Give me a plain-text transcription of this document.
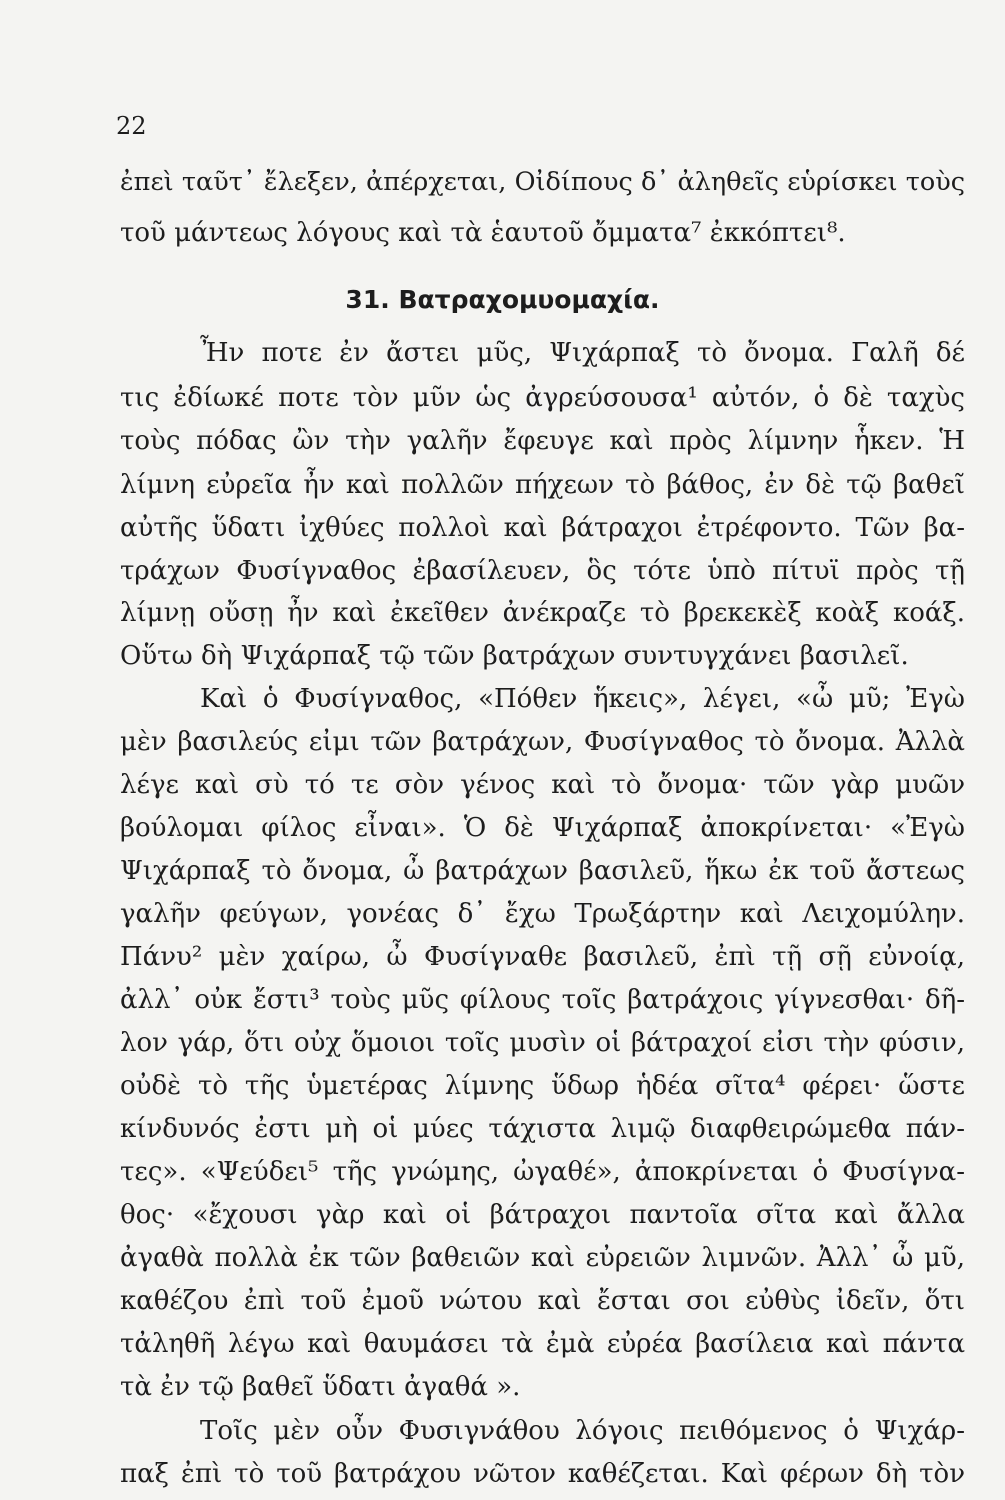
22
ἐπεὶ ταῦτ᾽ ἔλεξεν, ἀπέρχεται, Οἰδίπους δ᾽ ἀληθεῖς εὑρίσκει τοὺς
τοῦ μάντεως λόγους καὶ τὰ ἑαυτοῦ ὄμματα⁷ ἐκκόπτει⁸.
31. Βατραχομυομαχία.
Ἦν ποτε ἐν ἄστει μῦς, Ψιχάρπαξ τὸ ὄνομα. Γαλῆ δέ
τις ἐδίωκέ ποτε τὸν μῦν ὡς ἀγρεύσουσα¹ αὐτόν, ὁ δὲ ταχὺς
τοὺς πόδας ὢν τὴν γαλῆν ἔφευγε καὶ πρὸς λίμνην ἧκεν. Ἡ
λίμνη εὐρεῖα ἦν καὶ πολλῶν πήχεων τὸ βάθος, ἐν δὲ τῷ βαθεῖ
αὐτῆς ὕδατι ἰχθύες πολλοὶ καὶ βάτραχοι ἐτρέφοντο. Τῶν βα-
τράχων Φυσίγναθος ἐβασίλευεν, ὃς τότε ὑπὸ πίτυϊ πρὸς τῇ
λίμνῃ οὔσῃ ἦν καὶ ἐκεῖθεν ἀνέκραζε τὸ βρεκεκὲξ κοὰξ κοάξ.
Οὕτω δὴ Ψιχάρπαξ τῷ τῶν βατράχων συντυγχάνει βασιλεῖ.
Καὶ ὁ Φυσίγναθος, «Πόθεν ἥκεις», λέγει, «ὦ μῦ; Ἐγὼ
μὲν βασιλεύς εἰμι τῶν βατράχων, Φυσίγναθος τὸ ὄνομα. Ἀλλὰ
λέγε καὶ σὺ τό τε σὸν γένος καὶ τὸ ὄνομα· τῶν γὰρ μυῶν
βούλομαι φίλος εἶναι». Ὁ δὲ Ψιχάρπαξ ἀποκρίνεται· «Ἐγὼ
Ψιχάρπαξ τὸ ὄνομα, ὦ βατράχων βασιλεῦ, ἥκω ἐκ τοῦ ἄστεως
γαλῆν φεύγων, γονέας δ᾽ ἔχω Τρωξάρτην καὶ Λειχομύλην.
Πάνυ² μὲν χαίρω, ὦ Φυσίγναθε βασιλεῦ, ἐπὶ τῇ σῇ εὐνοίᾳ,
ἀλλ᾽ οὐκ ἔστι³ τοὺς μῦς φίλους τοῖς βατράχοις γίγνεσθαι· δῆ-
λον γάρ, ὅτι οὐχ ὅμοιοι τοῖς μυσὶν οἱ βάτραχοί εἰσι τὴν φύσιν,
οὐδὲ τὸ τῆς ὑμετέρας λίμνης ὕδωρ ἡδέα σῖτα⁴ φέρει· ὥστε
κίνδυνός ἐστι μὴ οἱ μύες τάχιστα λιμῷ διαφθειρώμεθα πάν-
τες». «Ψεύδει⁵ τῆς γνώμης, ὠγαθέ», ἀποκρίνεται ὁ Φυσίγνα-
θος· «ἔχουσι γὰρ καὶ οἱ βάτραχοι παντοῖα σῖτα καὶ ἄλλα
ἀγαθὰ πολλὰ ἐκ τῶν βαθειῶν καὶ εὐρειῶν λιμνῶν. Ἀλλ᾽ ὦ μῦ,
καθέζου ἐπὶ τοῦ ἐμοῦ νώτου καὶ ἔσται σοι εὐθὺς ἰδεῖν, ὅτι
τἀληθῆ λέγω καὶ θαυμάσει τὰ ἐμὰ εὐρέα βασίλεια καὶ πάντα
τὰ ἐν τῷ βαθεῖ ὕδατι ἀγαθά ».
Τοῖς μὲν οὖν Φυσιγνάθου λόγοις πειθόμενος ὁ Ψιχάρ-
παξ ἐπὶ τὸ τοῦ βατράχου νῶτον καθέζεται. Καὶ φέρων δὴ τὸν
